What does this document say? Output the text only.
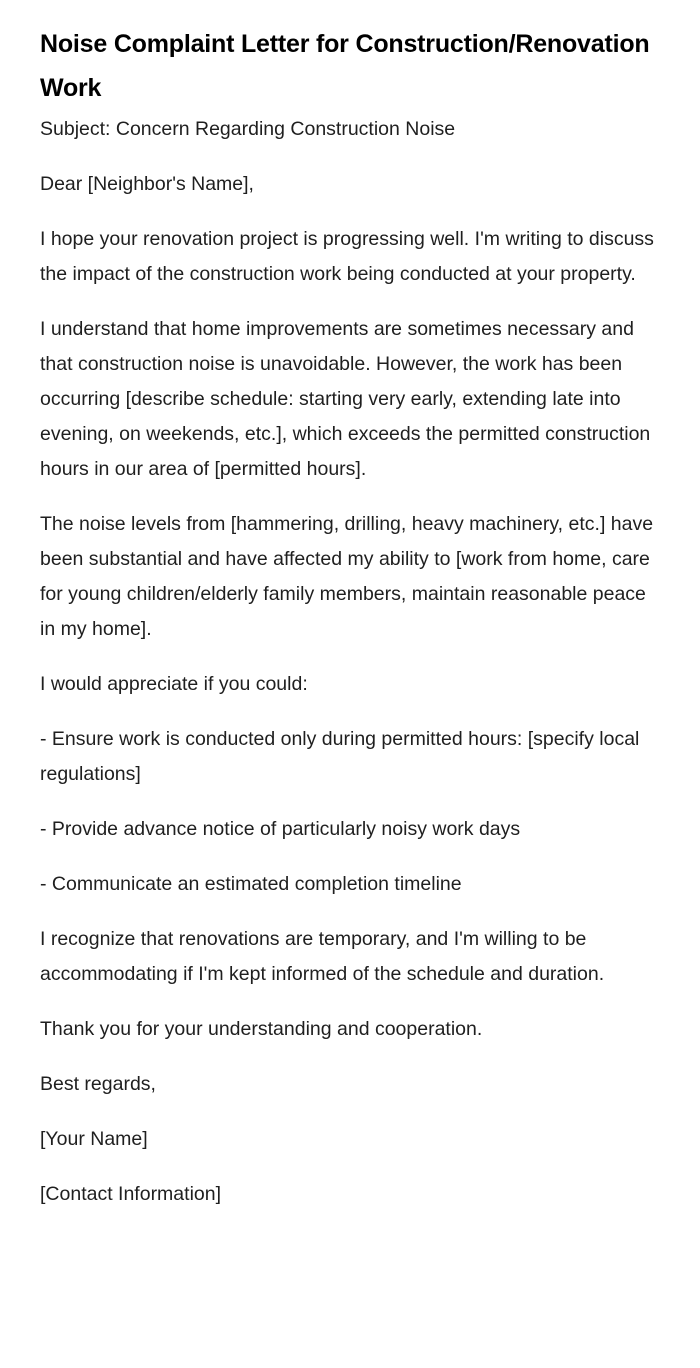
Noise Complaint Letter for Construction/Renovation Work

Subject: Concern Regarding Construction Noise

Dear [Neighbor's Name],

I hope your renovation project is progressing well. I'm writing to discuss the impact of the construction work being conducted at your property.

I understand that home improvements are sometimes necessary and that construction noise is unavoidable. However, the work has been occurring [describe schedule: starting very early, extending late into evening, on weekends, etc.], which exceeds the permitted construction hours in our area of [permitted hours].

The noise levels from [hammering, drilling, heavy machinery, etc.] have been substantial and have affected my ability to [work from home, care for young children/elderly family members, maintain reasonable peace in my home].

I would appreciate if you could:

- Ensure work is conducted only during permitted hours: [specify local regulations]

- Provide advance notice of particularly noisy work days

- Communicate an estimated completion timeline

I recognize that renovations are temporary, and I'm willing to be accommodating if I'm kept informed of the schedule and duration.

Thank you for your understanding and cooperation.

Best regards,

[Your Name]

[Contact Information]
